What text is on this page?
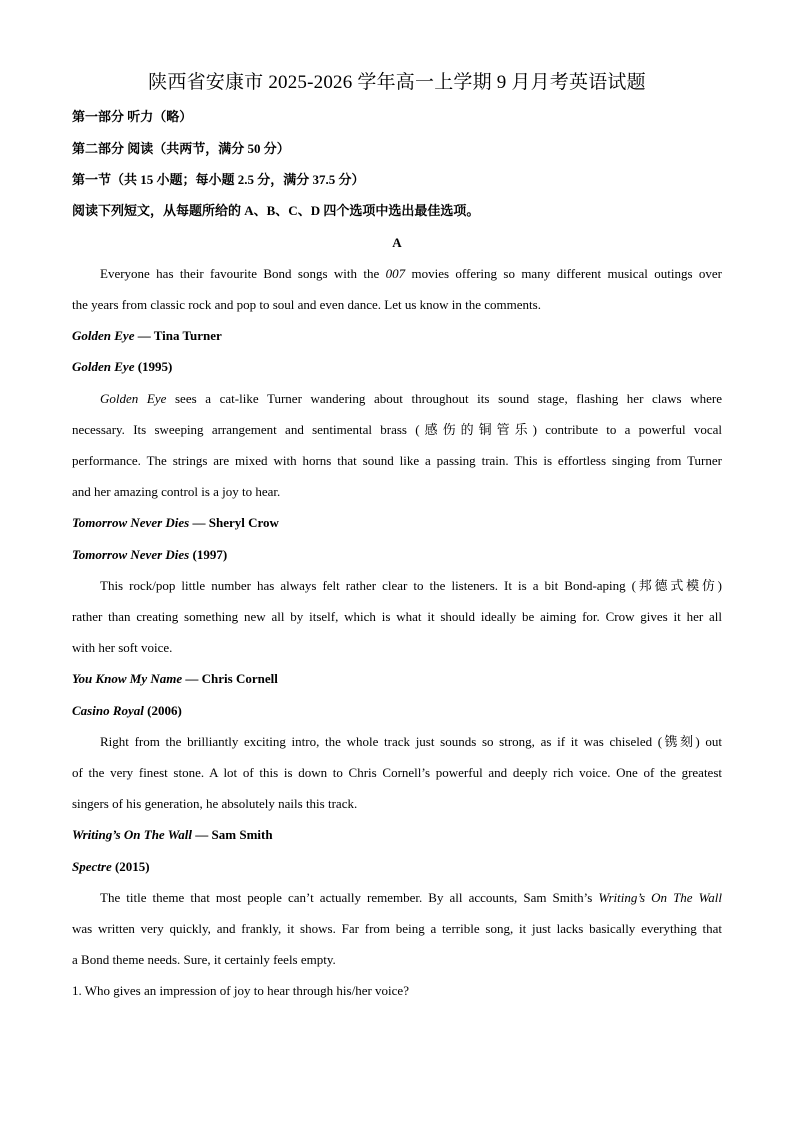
陕西省安康市 2025-2026 学年高一上学期 9 月月考英语试题
第一部分 听力（略）
第二部分 阅读（共两节，满分 50 分）
第一节（共 15 小题；每小题 2.5 分，满分 37.5 分）
阅读下列短文，从每题所给的 A、B、C、D 四个选项中选出最佳选项。
A
Everyone has their favourite Bond songs with the 007 movies offering so many different musical outings over
the years from classic rock and pop to soul and even dance. Let us know in the comments.
Golden Eye — Tina Turner
Golden Eye (1995)
Golden Eye sees a cat-like Turner wandering about throughout its sound stage, flashing her claws where
necessary. Its sweeping arrangement and sentimental brass (感伤的铜管乐) contribute to a powerful vocal
performance. The strings are mixed with horns that sound like a passing train. This is effortless singing from Turner
and her amazing control is a joy to hear.
Tomorrow Never Dies — Sheryl Crow
Tomorrow Never Dies (1997)
This rock/pop little number has always felt rather clear to the listeners. It is a bit Bond-aping (邦德式模仿)
rather than creating something new all by itself, which is what it should ideally be aiming for. Crow gives it her all
with her soft voice.
You Know My Name — Chris Cornell
Casino Royal (2006)
Right from the brilliantly exciting intro, the whole track just sounds so strong, as if it was chiseled (镌刻) out
of the very finest stone. A lot of this is down to Chris Cornell’s powerful and deeply rich voice. One of the greatest
singers of his generation, he absolutely nails this track.
Writing’s On The Wall — Sam Smith
Spectre (2015)
The title theme that most people can’t actually remember. By all accounts, Sam Smith’s Writing’s On The Wall
was written very quickly, and frankly, it shows. Far from being a terrible song, it just lacks basically everything that
a Bond theme needs. Sure, it certainly feels empty.
1. Who gives an impression of joy to hear through his/her voice?
